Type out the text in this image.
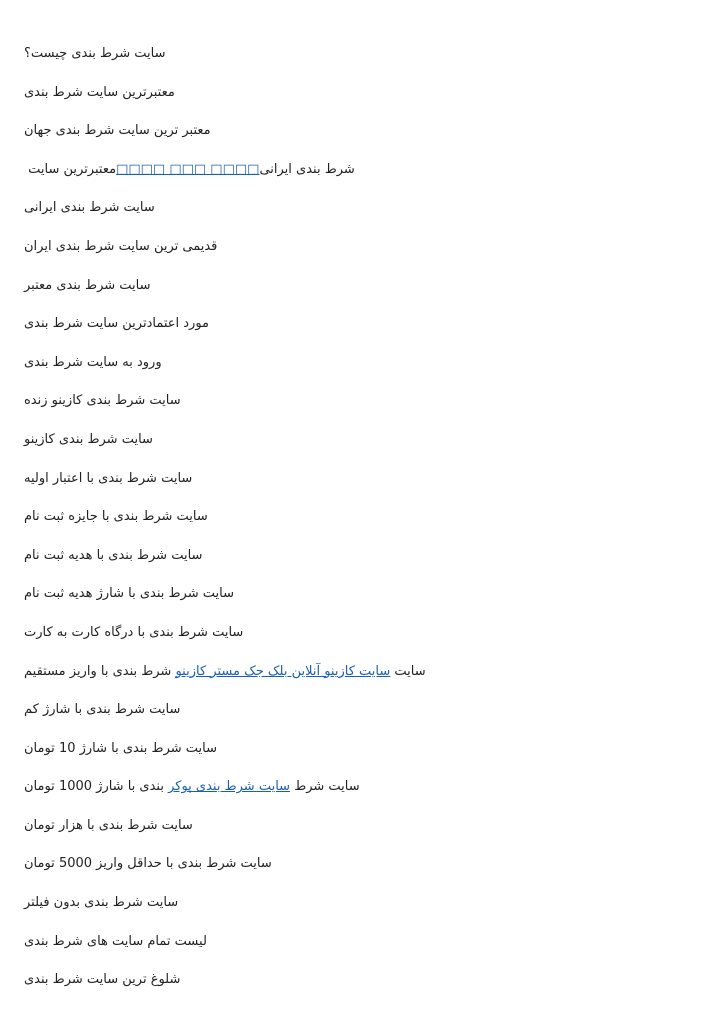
سایت شرط بندی چیست؟
معتبرترین سایت شرط بندی
معتبر ترین سایت شرط بندی جهان
معتبرترین سایت □□□□ □□□ □□□□ شرط بندی ایرانی
سایت شرط بندی ایرانی
قدیمی ترین سایت شرط بندی ایران
سایت شرط بندی معتبر
مورد اعتمادترین سایت شرط بندی
ورود به سایت شرط بندی
سایت شرط بندی کازینو زنده
سایت شرط بندی کازینو
سایت شرط بندی با اعتبار اولیه
سایت شرط بندی با جایزه ثبت نام
سایت شرط بندی با هدیه ثبت نام
سایت شرط بندی با شارژ هدیه ثبت نام
سایت شرط بندی با درگاه کارت به کارت
سایت سایت کازینو آنلاین بلک جک مستر کازینو شرط بندی با واریز مستقیم
سایت شرط بندی با شارژ کم
سایت شرط بندی با شارژ 10 تومان
سایت شرط سایت شرط بندی پوکر بندی با شارژ 1000 تومان
سایت شرط بندی با هزار تومان
سایت شرط بندی با حداقل واریز 5000 تومان
سایت شرط بندی بدون فیلتر
لیست تمام سایت های شرط بندی
شلوغ ترین سایت شرط بندی
